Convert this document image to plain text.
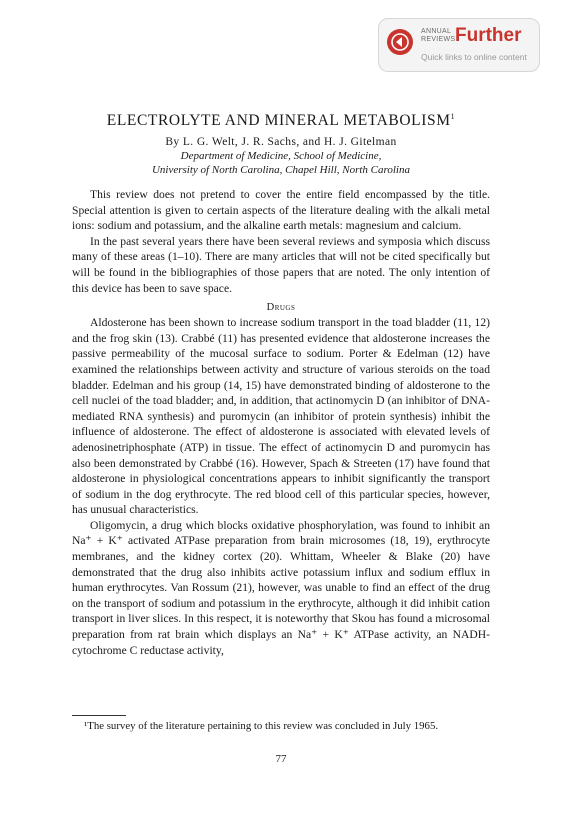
ANNUAL
REVIEWS Further
Quick links to online content
ELECTROLYTE AND MINERAL METABOLISM$^1$
By L. G. Welt, J. R. Sachs, and H. J. Gitelman

Department of Medicine, School of Medicine,

University of North Carolina, Chapel Hill, North Carolina

This review does not pretend to cover the entire field encompassed by the title. Special attention is given to certain aspects of the literature dealing with the alkali metal ions: sodium and potassium, and the alkaline earth metals: magnesium and calcium.

In the past several years there have been several reviews and symposia which discuss many of these areas (1–10). There are many articles that will not be cited specifically but will be found in the bibliographies of those papers that are noted. The only intention of this device has been to save space.

Drugs

Aldosterone has been shown to increase sodium transport in the toad bladder (11, 12) and the frog skin (13). Crabbé (11) has presented evidence that aldosterone increases the passive permeability of the mucosal surface to sodium. Porter & Edelman (12) have examined the relationships between activity and structure of various steroids on the toad bladder. Edelman and his group (14, 15) have demonstrated binding of aldosterone to the cell nuclei of the toad bladder; and, in addition, that actinomycin D (an inhibitor of DNA-mediated RNA synthesis) and puromycin (an inhibitor of protein synthesis) inhibit the influence of aldosterone. The effect of aldosterone is associated with elevated levels of adenosinetriphosphate (ATP) in tissue. The effect of actinomycin D and puromycin has also been demonstrated by Crabbé (16). However, Spach & Streeten (17) have found that aldosterone in physiological concentrations appears to inhibit significantly the transport of sodium in the dog erythrocyte. The red blood cell of this particular species, however, has unusual characteristics.

Oligomycin, a drug which blocks oxidative phosphorylation, was found to inhibit an Na⁺ + K⁺ activated ATPase preparation from brain microsomes (18, 19), erythrocyte membranes, and the kidney cortex (20). Whittam, Wheeler & Blake (20) have demonstrated that the drug also inhibits active potassium influx and sodium efflux in human erythrocytes. Van Rossum (21), however, was unable to find an effect of the drug on the transport of sodium and potassium in the erythrocyte, although it did inhibit cation transport in liver slices. In this respect, it is noteworthy that Skou has found a microsomal preparation from rat brain which displays an Na⁺ + K⁺ ATPase activity, an NADH-cytochrome C reductase activity,

¹The survey of the literature pertaining to this review was concluded in July 1965.
77
